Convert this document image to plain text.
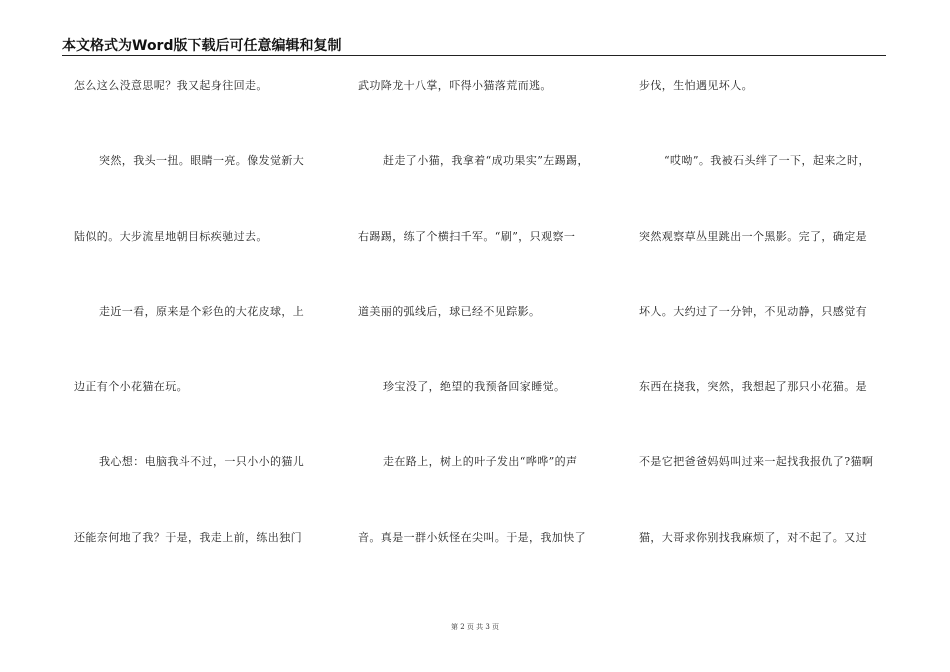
本文格式为Word版下载后可任意编辑和复制
怎么这么没意思呢？我又起身往回走。
突然，我头一扭。眼睛一亮。像发觉新大
陆似的。大步流星地朝目标疾驰过去。
走近一看，原来是个彩色的大花皮球，上
边正有个小花猫在玩。
我心想：电脑我斗不过，一只小小的猫儿
还能奈何地了我？于是，我走上前，练出独门
武功降龙十八掌，吓得小猫落荒而逃。
赶走了小猫，我拿着“成功果实”左踢踢，
右踢踢，练了个横扫千军。“刷”，只观察一
道美丽的弧线后，球已经不见踪影。
珍宝没了，绝望的我预备回家睡觉。
走在路上，树上的叶子发出“哗哗”的声
音。真是一群小妖怪在尖叫。于是，我加快了
步伐，生怕遇见坏人。
“哎呦”。我被石头绊了一下，起来之时，
突然观察草丛里跳出一个黑影。完了，确定是
坏人。大约过了一分钟，不见动静，只感觉有
东西在挠我，突然，我想起了那只小花猫。是
不是它把爸爸妈妈叫过来一起找我报仇了?猫啊
猫，大哥求你别找我麻烦了，对不起了。又过
第 2 页 共 3 页
